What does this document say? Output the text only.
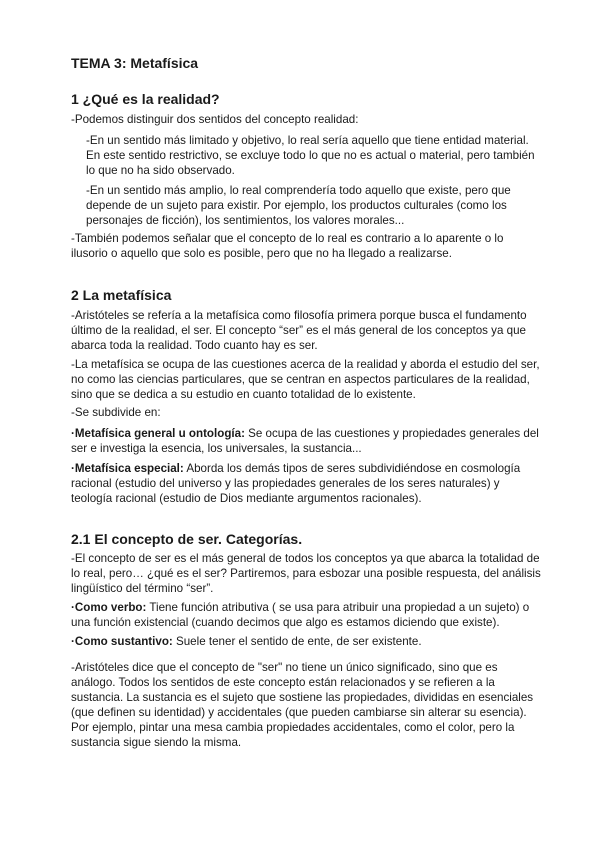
TEMA 3: Metafísica
1 ¿Qué es la realidad?

-Podemos distinguir dos sentidos del concepto realidad:

-En un sentido más limitado y objetivo, lo real sería aquello que tiene entidad material. En este sentido restrictivo, se excluye todo lo que no es actual o material, pero también lo que no ha sido observado.

-En un sentido más amplio, lo real comprendería todo aquello que existe, pero que depende de un sujeto para existir. Por ejemplo, los productos culturales (como los personajes de ficción), los sentimientos, los valores morales...

-También podemos señalar que el concepto de lo real es contrario a lo aparente o lo ilusorio o aquello que solo es posible, pero que no ha llegado a realizarse.

2 La metafísica

-Aristóteles se refería a la metafísica como filosofía primera porque busca el fundamento último de la realidad, el ser. El concepto “ser” es el más general de los conceptos ya que abarca toda la realidad. Todo cuanto hay es ser.

-La metafísica se ocupa de las cuestiones acerca de la realidad y aborda el estudio del ser, no como las ciencias particulares, que se centran en aspectos particulares de la realidad, sino que se dedica a su estudio en cuanto totalidad de lo existente.

-Se subdivide en:

·Metafísica general u ontología: Se ocupa de las cuestiones y propiedades generales del ser e investiga la esencia, los universales, la sustancia...

·Metafísica especial: Aborda los demás tipos de seres subdividiéndose en cosmología racional (estudio del universo y las propiedades generales de los seres naturales) y teología racional (estudio de Dios mediante argumentos racionales).

2.1 El concepto de ser. Categorías.

-El concepto de ser es el más general de todos los conceptos ya que abarca la totalidad de lo real, pero… ¿qué es el ser? Partiremos, para esbozar una posible respuesta, del análisis lingüístico del término “ser”.

·Como verbo: Tiene función atributiva ( se usa para atribuir una propiedad a un sujeto) o una función existencial (cuando decimos que algo es estamos diciendo que existe).

·Como sustantivo: Suele tener el sentido de ente, de ser existente.

-Aristóteles dice que el concepto de "ser" no tiene un único significado, sino que es análogo. Todos los sentidos de este concepto están relacionados y se refieren a la sustancia. La sustancia es el sujeto que sostiene las propiedades, divididas en esenciales (que definen su identidad) y accidentales (que pueden cambiarse sin alterar su esencia). Por ejemplo, pintar una mesa cambia propiedades accidentales, como el color, pero la sustancia sigue siendo la misma.
